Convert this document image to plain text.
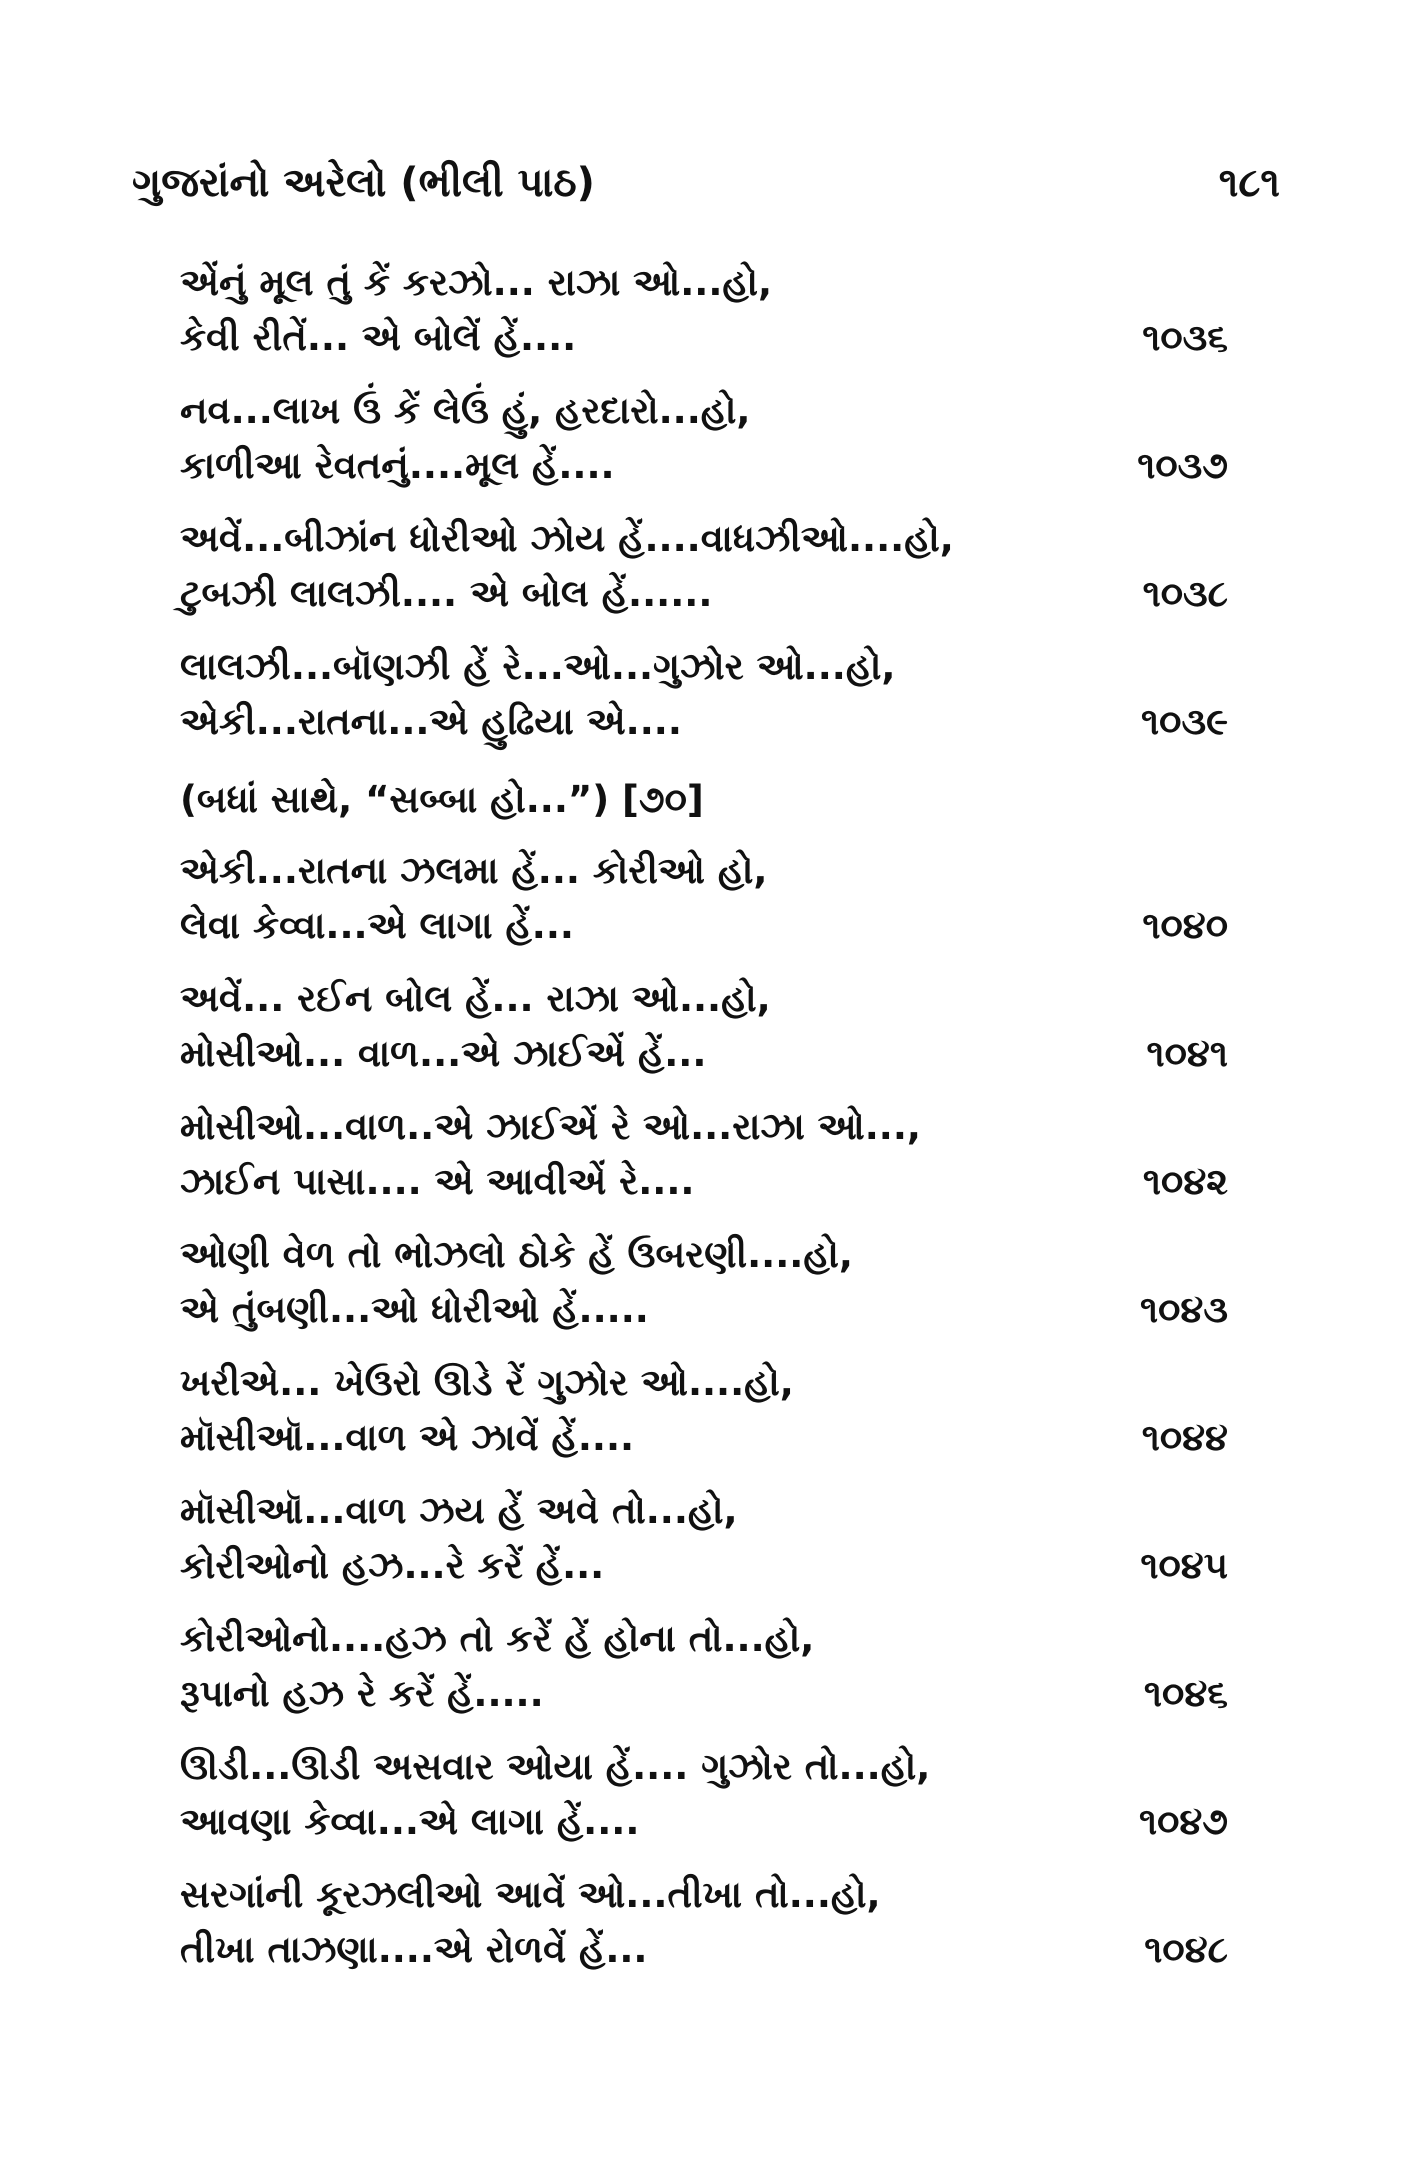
ગુજરાંનો અરેલો (ભીલી પાઠ)	૧૮૧
એંનું મૂલ તું કેં કરઝો... રાઝા ઓ...હો,
કેવી રીતેં... એ બોલેં હેં....	૧૦૩૬
નવ...લાખ ઉં કેં લેઉં હું, હરદારો...હો,
કાળીઆ રેવતનું....મૂલ હેં....	૧૦૩૭
અવેં...બીઝાંન ધોરીઓ ઝોય હેં....વાધઝીઓ....હો,
ટુબઝી લાલઝી.... એ બોલ હેં......	૧૦૩૮
લાલઝી...બૉણઝી હેં રે...ઓ...ગુઝોર ઓ...હો,
એકી...રાતના...એ હુઢિયા એ....	૧૦૩૯
(બધાં સાથે, “સબ્બા હો...”) [૭૦]
એકી...રાતના ઝલમા હેં... કોરીઓ હો,
લેવા કેવ્વા...એ લાગા હેં...	૧૦૪૦
અવેં... રઈન બોલ હેં... રાઝા ઓ...હો,
મોસીઓ... વાળ...એ ઝાઈએં હેં...	૧૦૪૧
મોસીઓ...વાળ..એ ઝાઈએં રે ઓ...રાઝા ઓ...,
ઝાઈન પાસા.... એ આવીએં રે....	૧૦૪૨
ઓણી વેળ તો ભોઝલો ઠોકે હેં ઉબરણી....હો,
એ તુંબણી...ઓ ધોરીઓ હેં.....	૧૦૪૩
ખરીએ... ખેઉરો ઊડે રેં ગુઝોર ઓ....હો,
મૉસીઑ...વાળ એ ઝાવેં હેં....	૧૦૪૪
મૉસીઑ...વાળ ઝય હેં અવે તો...હો,
કોરીઓનો હઝ...રે કરેં હેં...	૧૦૪૫
કોરીઓનો....હઝ તો કરેં હેં હોના તો...હો,
રૂપાનો હઝ રે કરેં હેં.....	૧૦૪૬
ઊડી...ઊડી અસવાર ઓયા હેં.... ગુઝોર તો...હો,
આવણા કેવ્વા...એ લાગા હેં....	૧૦૪૭
સરગાંની કૂરઝલીઓ આવેં ઓ...તીખા તો...હો,
તીખા તાઝણા....એ રોળવેં હેં...	૧૦૪૮
